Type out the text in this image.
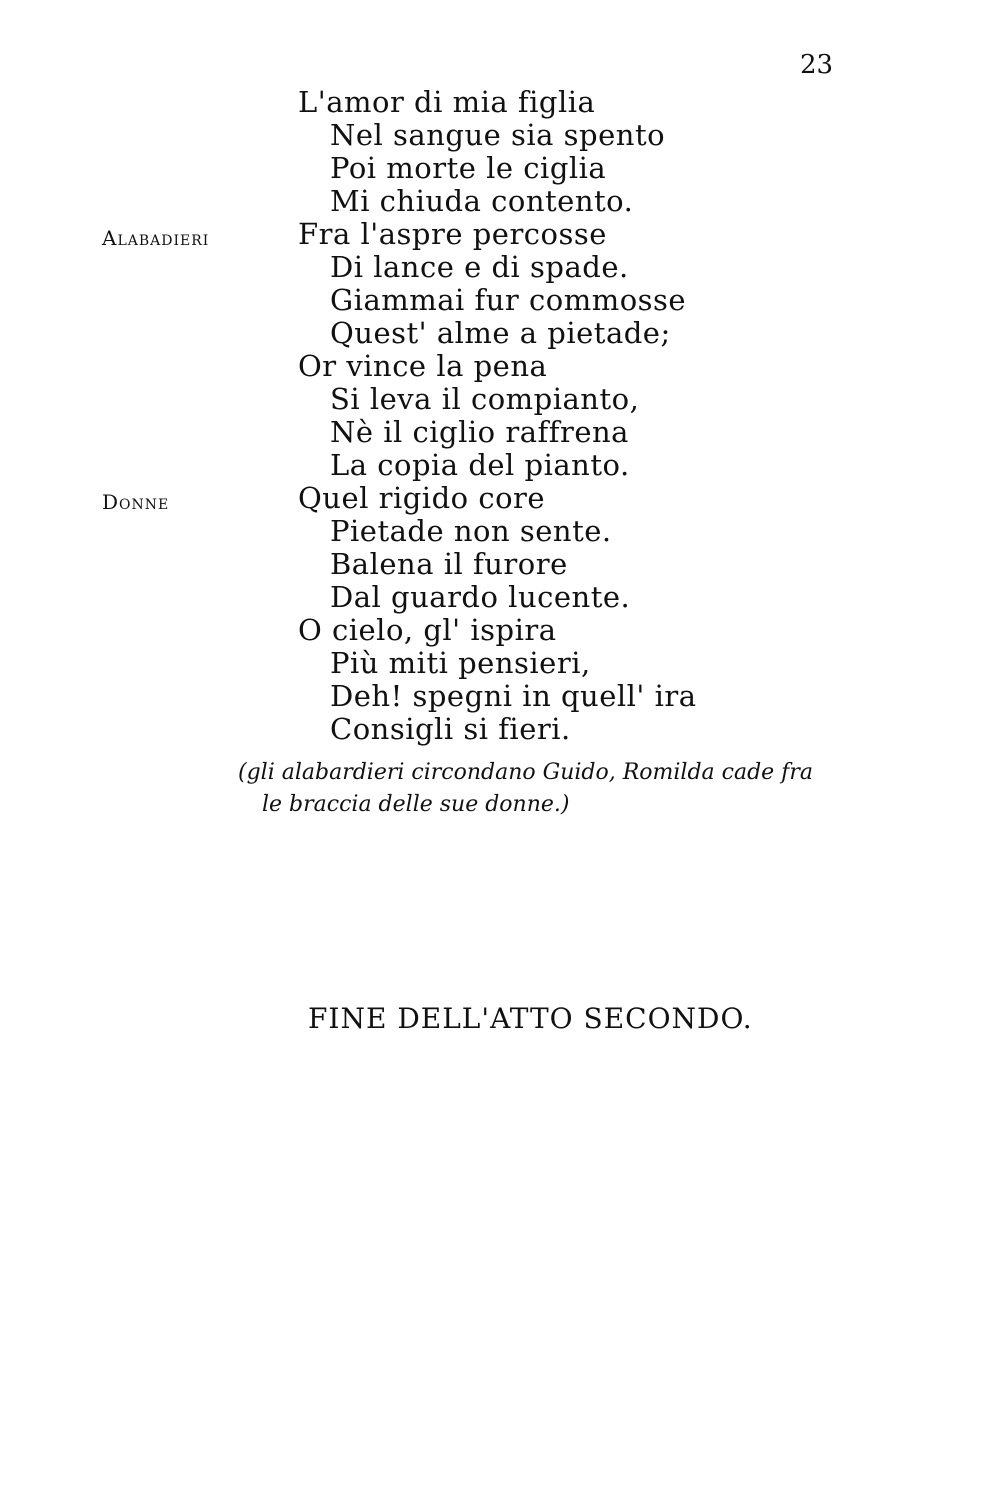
23
L'amor di mia figlia
Nel sangue sia spento
Poi morte le ciglia
Mi chiuda contento.
Alabadieri	Fra l'aspre percosse
Di lance e di spade.
Giammai fur commosse
Quest' alme a pietade;
Or vince la pena
Si leva il compianto,
Nè il ciglio raffrena
La copia del pianto.
Donne	Quel rigido core
Pietade non sente.
Balena il furore
Dal guardo lucente.
O cielo, gl' ispira
Più miti pensieri,
Deh! spegni in quell' ira
Consigli si fieri.
(gli alabardieri circondano Guido, Romilda cade fra
le braccia delle sue donne.)
FINE DELL'ATTO SECONDO.
